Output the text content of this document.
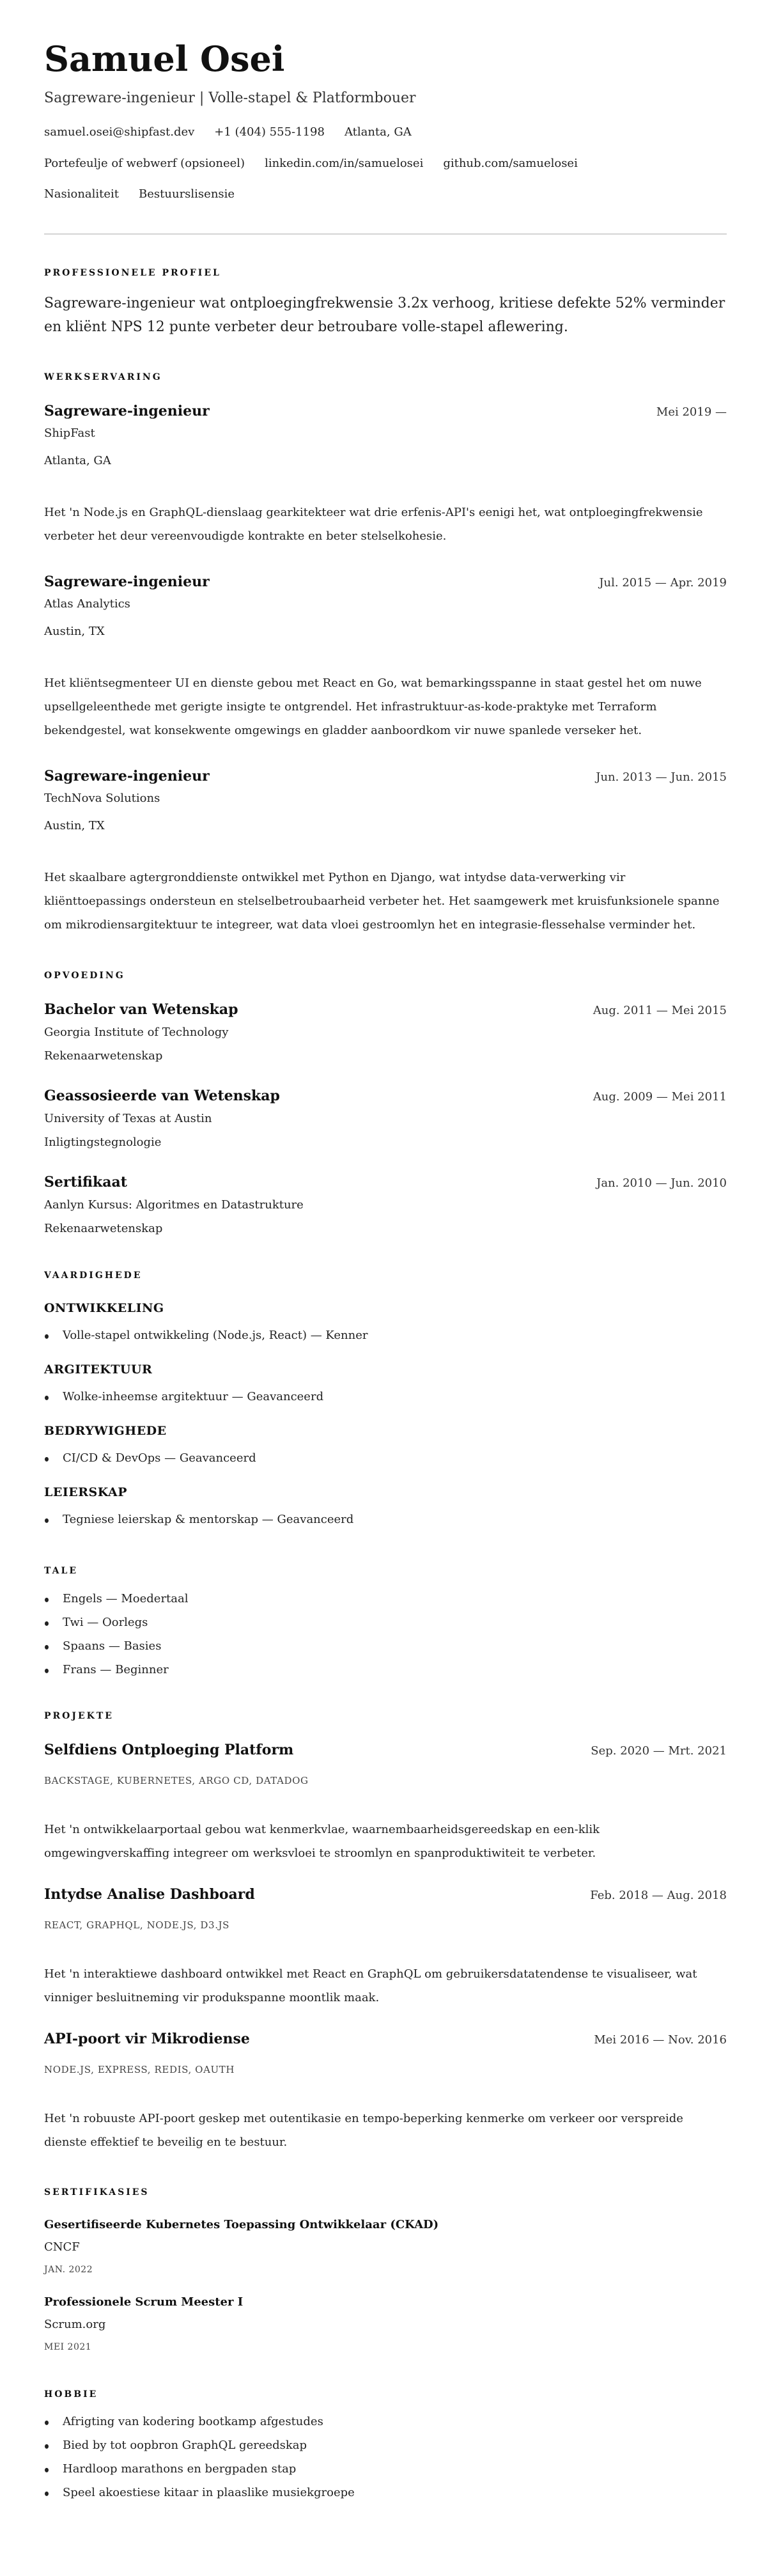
Samuel Osei
Sagreware-ingenieur | Volle-stapel & Platformbouer
samuel.osei@shipfast.dev +1 (404) 555-1198 Atlanta, GA
Portefeulje of webwerf (opsioneel) linkedin.com/in/samuelosei github.com/samuelosei
Nasionaliteit Bestuurslisensie
PROFESSIONELE PROFIEL

Sagreware-ingenieur wat ontploegingfrekwensie 3.2x verhoog, kritiese defekte 52% verminder en kliënt NPS 12 punte verbeter deur betroubare volle-stapel aflewering.

WERKSERVARING
Sagreware-ingenieur	Mei 2019 —
ShipFast
Atlanta, GA
Het 'n Node.js en GraphQL-dienslaag gearkitekteer wat drie erfenis-API's eenigi het, wat ontploegingfrekwensie verbeter het deur vereenvoudigde kontrakte en beter stelselkohesie.
Sagreware-ingenieur	Jul. 2015 — Apr. 2019
Atlas Analytics
Austin, TX
Het kliëntsegmenteer UI en dienste gebou met React en Go, wat bemarkingsspanne in staat gestel het om nuwe upsellgeleenthede met gerigte insigte te ontgrendel. Het infrastruktuur-as-kode-praktyke met Terraform bekendgestel, wat konsekwente omgewings en gladder aanboordkom vir nuwe spanlede verseker het.
Sagreware-ingenieur	Jun. 2013 — Jun. 2015
TechNova Solutions
Austin, TX
Het skaalbare agtergronddienste ontwikkel met Python en Django, wat intydse data-verwerking vir kliënttoepassings ondersteun en stelselbetroubaarheid verbeter het. Het saamgewerk met kruisfunksionele spanne om mikrodiensargitektuur te integreer, wat data vloei gestroomlyn het en integrasie-flessehalse verminder het.
OPVOEDING
Bachelor van Wetenskap	Aug. 2011 — Mei 2015
Georgia Institute of Technology
Rekenaarwetenskap
Geassosieerde van Wetenskap	Aug. 2009 — Mei 2011
University of Texas at Austin
Inligtingstegnologie
Sertifikaat	Jan. 2010 — Jun. 2010
Aanlyn Kursus: Algoritmes en Datastrukture
Rekenaarwetenskap
VAARDIGHEDE
ONTWIKKELING
Volle-stapel ontwikkeling (Node.js, React) — Kenner
ARGITEKTUUR
Wolke-inheemse argitektuur — Geavanceerd
BEDRYWIGHEDE
CI/CD & DevOps — Geavanceerd
LEIERSKAP
Tegniese leierskap & mentorskap — Geavanceerd
TALE
Engels — Moedertaal
Twi — Oorlegs
Spaans — Basies
Frans — Beginner
PROJEKTE
Selfdiens Ontploeging Platform	Sep. 2020 — Mrt. 2021
BACKSTAGE, KUBERNETES, ARGO CD, DATADOG
Het 'n ontwikkelaarportaal gebou wat kenmerkvlae, waarnembaarheidsgereedskap en een-klik omgewingverskaffing integreer om werksvloei te stroomlyn en spanproduktiwiteit te verbeter.
Intydse Analise Dashboard	Feb. 2018 — Aug. 2018
REACT, GRAPHQL, NODE.JS, D3.JS
Het 'n interaktiewe dashboard ontwikkel met React en GraphQL om gebruikersdatatendense te visualiseer, wat vinniger besluitneming vir produkspanne moontlik maak.
API-poort vir Mikrodiense	Mei 2016 — Nov. 2016
NODE.JS, EXPRESS, REDIS, OAUTH
Het 'n robuuste API-poort geskep met outentikasie en tempo-beperking kenmerke om verkeer oor verspreide dienste effektief te beveilig en te bestuur.
SERTIFIKASIES
Gesertifiseerde Kubernetes Toepassing Ontwikkelaar (CKAD)
CNCF
JAN. 2022
Professionele Scrum Meester I
Scrum.org
MEI 2021
HOBBIE
Afrigting van kodering bootkamp afgestudes
Bied by tot oopbron GraphQL gereedskap
Hardloop marathons en bergpaden stap
Speel akoestiese kitaar in plaaslike musiekgroepe
